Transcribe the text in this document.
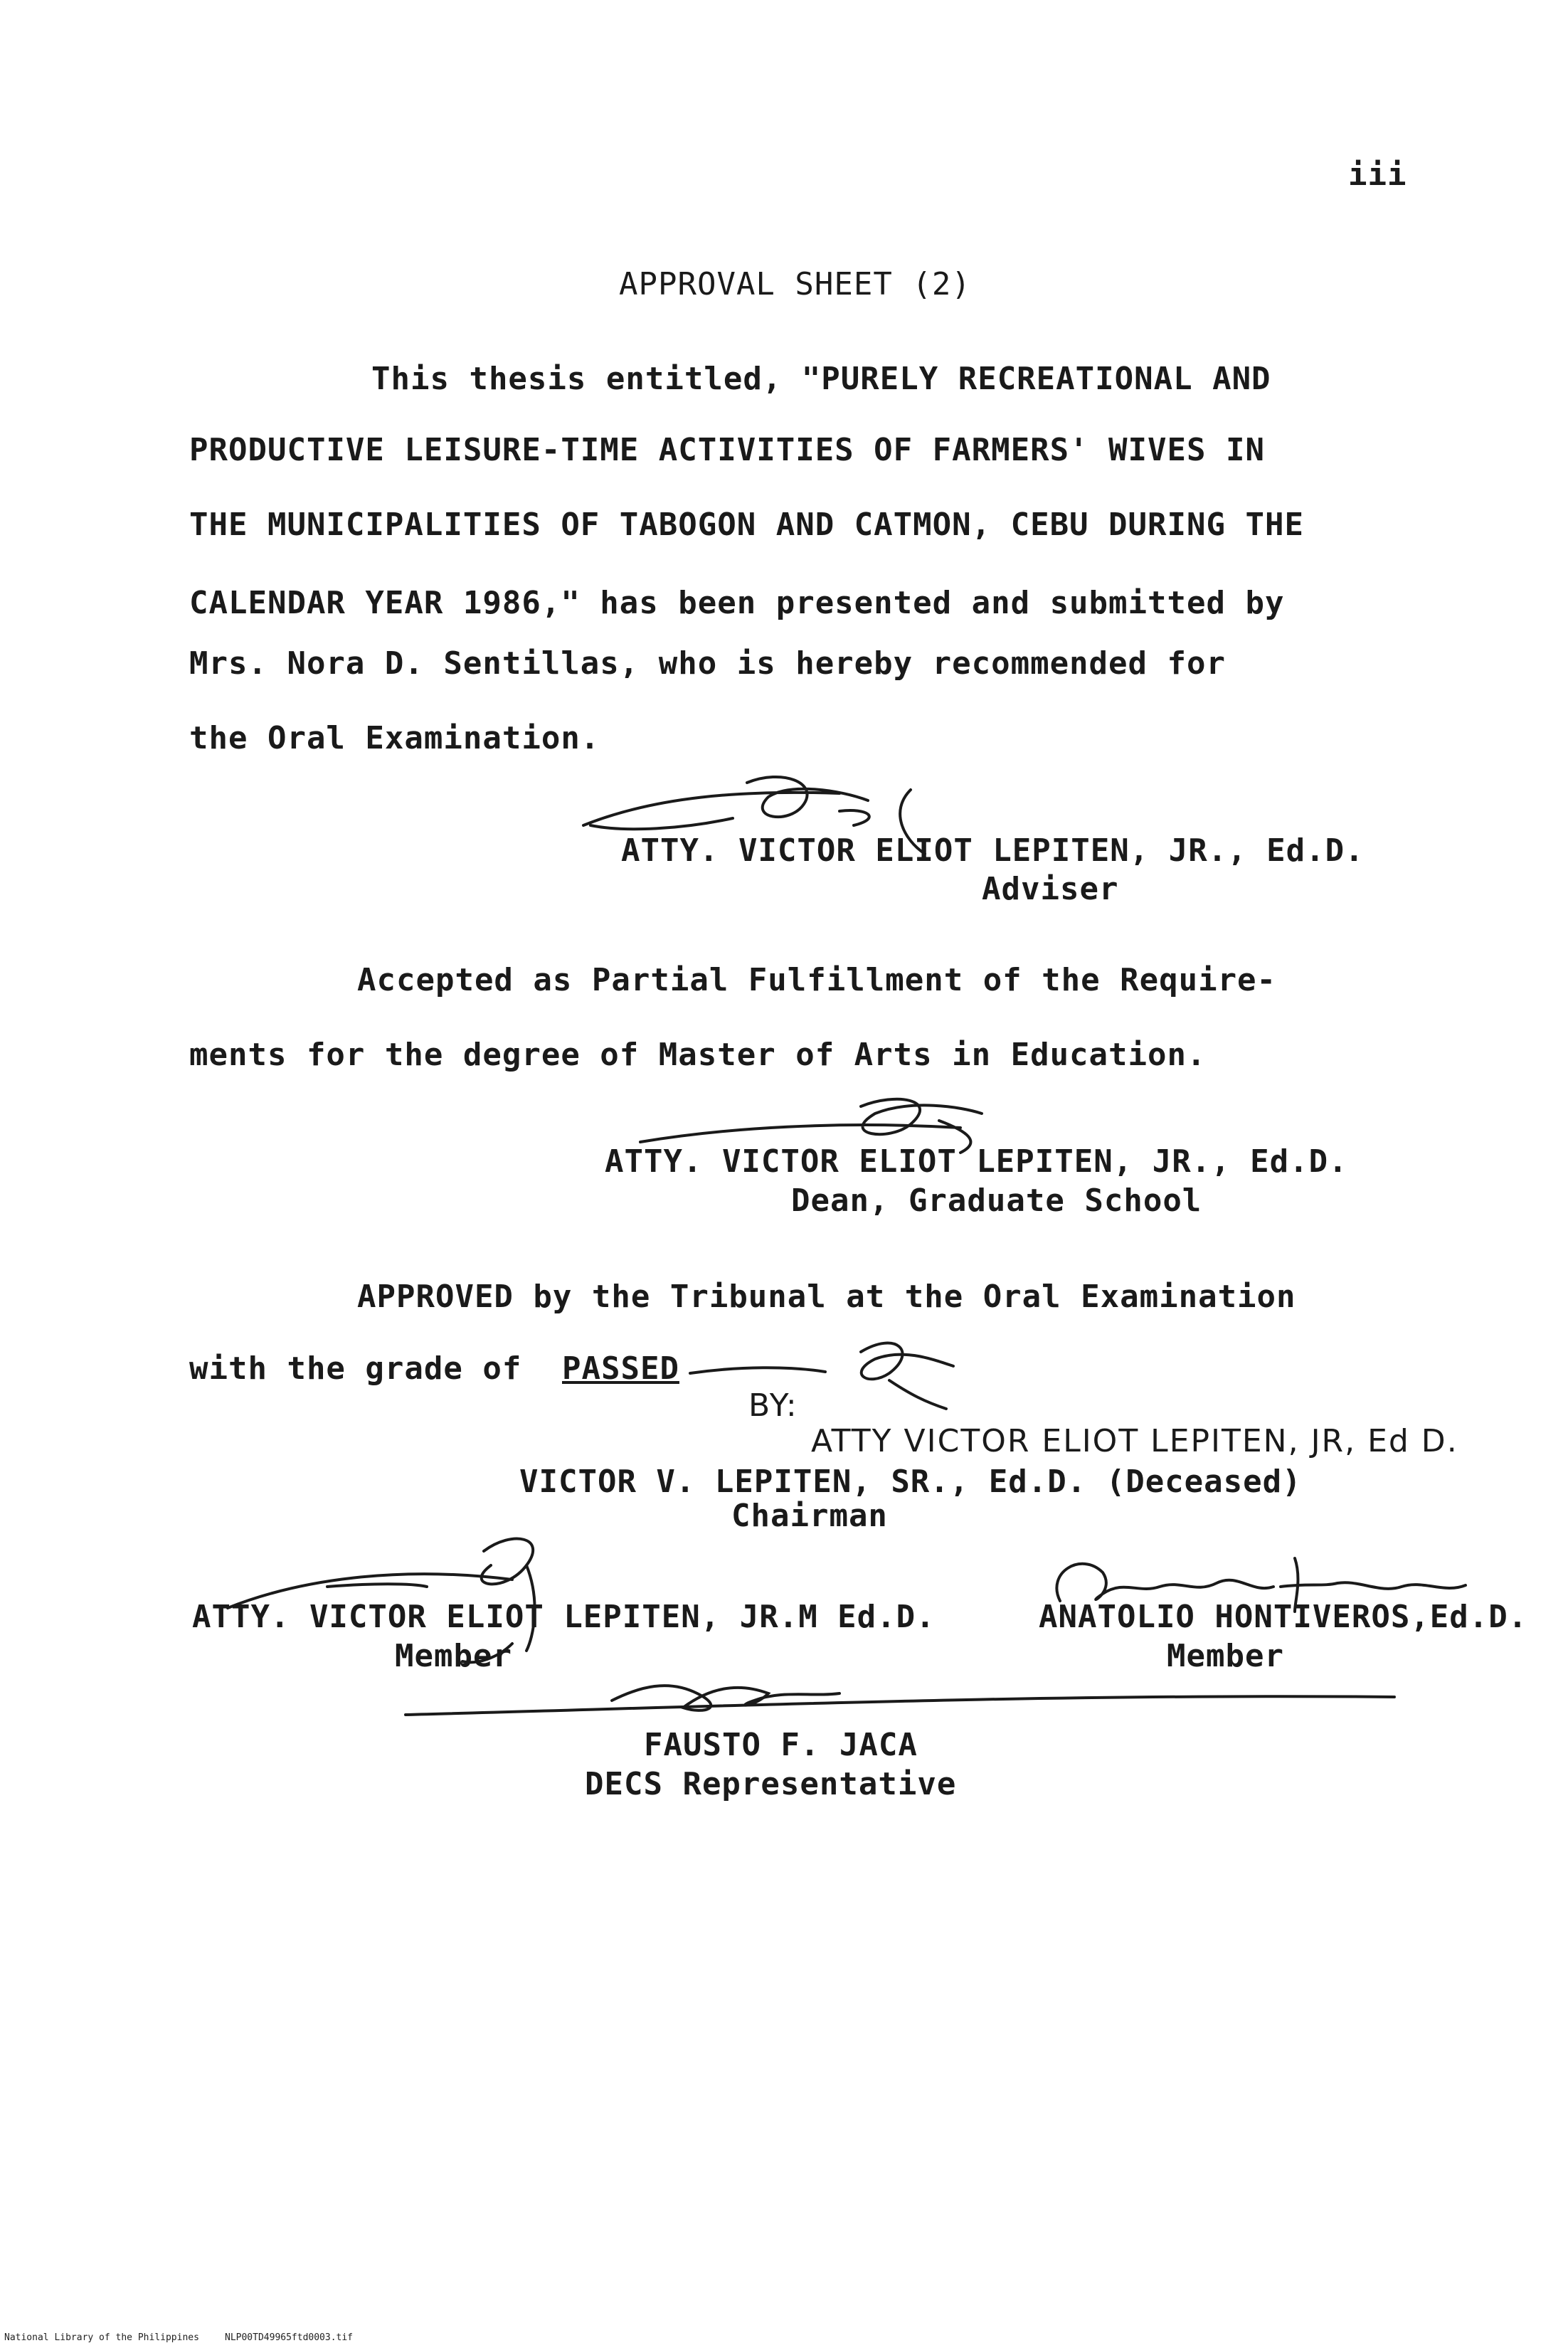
iii
APPROVAL SHEET (2)
This thesis entitled, "PURELY RECREATIONAL AND
PRODUCTIVE LEISURE-TIME ACTIVITIES OF FARMERS' WIVES IN
THE MUNICIPALITIES OF TABOGON AND CATMON, CEBU DURING THE
CALENDAR YEAR 1986," has been presented and submitted by
Mrs. Nora D. Sentillas, who is hereby recommended for
the Oral Examination.
ATTY. VICTOR ELIOT LEPITEN, JR., Ed.D.
Adviser
Accepted as Partial Fulfillment of the Require-
ments for the degree of Master of Arts in Education.
ATTY. VICTOR ELIOT LEPITEN, JR., Ed.D.
Dean, Graduate School
APPROVED by the Tribunal at the Oral Examination
with the grade of PASSED
BY:
ATTY VICTOR ELIOT LEPITEN, JR, Ed D.
VICTOR V. LEPITEN, SR., Ed.D. (Deceased)
Chairman
ATTY. VICTOR ELIOT LEPITEN, JR.M Ed.D.
Member
ANATOLIO HONTIVEROS,Ed.D.
Member
FAUSTO F. JACA
DECS Representative
National Library of the Philippines	NLP00TD49965ftd0003.tif
